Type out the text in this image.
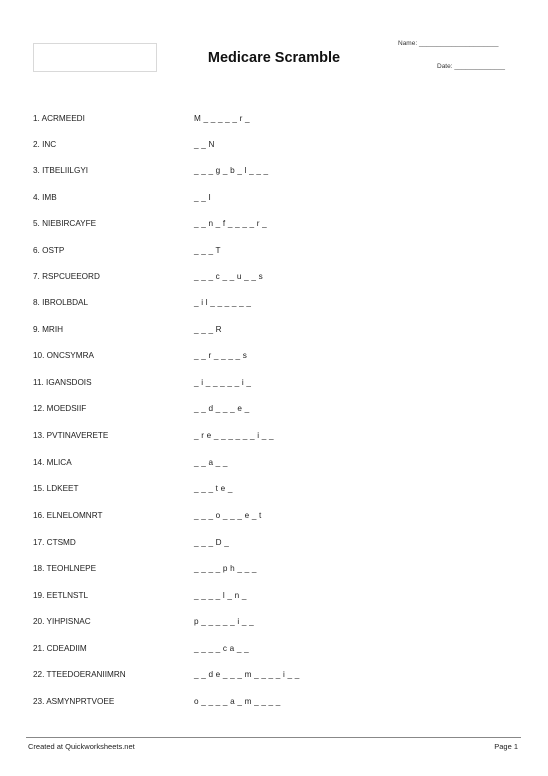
Medicare Scramble
Name: ______________________
Date: ______________
1. ACRMEEDI	M _ _ _ _ _ r _
2. INC	_ _ N
3. ITBELIILGYI	_ _ _ g _ b _ l _ _ _
4. IMB	_ _ I
5. NIEBIRCAYFE	_ _ n _ f _ _ _ _ r _
6. OSTP	_ _ _ T
7. RSPCUEEORD	_ _ _ c _ _ u _ _ s
8. IBROLBDAL	_ i l _ _ _ _ _ _
9. MRIH	_ _ _ R
10. ONCSYMRA	_ _ r _ _ _ _ s
11. IGANSDOIS	_ i _ _ _ _ _ i _
12. MOEDSIIF	_ _ d _ _ _ e _
13. PVTINAVERETE	_ r e _ _ _ _ _ _ i _ _
14. MLICA	_ _ a _ _
15. LDKEET	_ _ _ t e _
16. ELNELOMNRT	_ _ _ o _ _ _ e _ t
17. CTSMD	_ _ _ D _
18. TEOHLNEPE	_ _ _ _ p h _ _ _
19. EETLNSTL	_ _ _ _ l _ n _
20. YIHPISNAC	p _ _ _ _ _ i _ _
21. CDEADIIM	_ _ _ _ c a _ _
22. TTEEDOERANIIMRN	_ _ d e _ _ _ m _ _ _ _ i _ _
23. ASMYNPRTVOEE	o _ _ _ _ a _ m _ _ _ _
Created at Quickworksheets.net	Page 1
